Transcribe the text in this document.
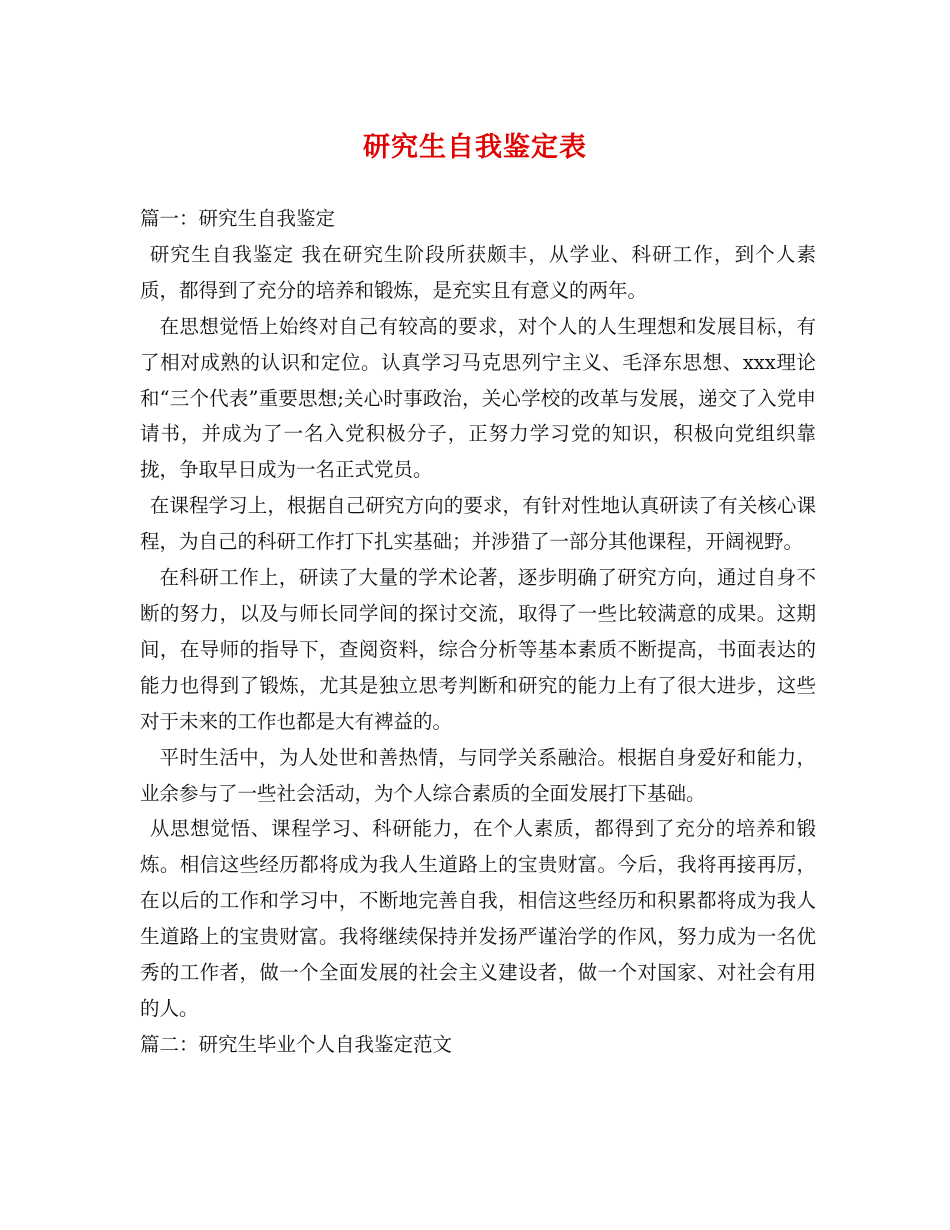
研究生自我鉴定表

篇一：研究生自我鉴定

研究生自我鉴定 我在研究生阶段所获颇丰，从学业、科研工作，到个人素质，都得到了充分的培养和锻炼，是充实且有意义的两年。

在思想觉悟上始终对自己有较高的要求，对个人的人生理想和发展目标，有了相对成熟的认识和定位。认真学习马克思列宁主义、毛泽东思想、xxx理论和“三个代表”重要思想;关心时事政治，关心学校的改革与发展，递交了入党申请书，并成为了一名入党积极分子，正努力学习党的知识，积极向党组织靠拢，争取早日成为一名正式党员。

在课程学习上，根据自己研究方向的要求，有针对性地认真研读了有关核心课程，为自己的科研工作打下扎实基础；并涉猎了一部分其他课程，开阔视野。

在科研工作上，研读了大量的学术论著，逐步明确了研究方向，通过自身不断的努力，以及与师长同学间的探讨交流，取得了一些比较满意的成果。这期间，在导师的指导下，查阅资料，综合分析等基本素质不断提高，书面表达的能力也得到了锻炼，尤其是独立思考判断和研究的能力上有了很大进步，这些对于未来的工作也都是大有裨益的。

平时生活中，为人处世和善热情，与同学关系融洽。根据自身爱好和能力，业余参与了一些社会活动，为个人综合素质的全面发展打下基础。

从思想觉悟、课程学习、科研能力，在个人素质，都得到了充分的培养和锻炼。相信这些经历都将成为我人生道路上的宝贵财富。今后，我将再接再厉，在以后的工作和学习中，不断地完善自我，相信这些经历和积累都将成为我人生道路上的宝贵财富。我将继续保持并发扬严谨治学的作风，努力成为一名优秀的工作者，做一个全面发展的社会主义建设者，做一个对国家、对社会有用的人。

篇二：研究生毕业个人自我鉴定范文
